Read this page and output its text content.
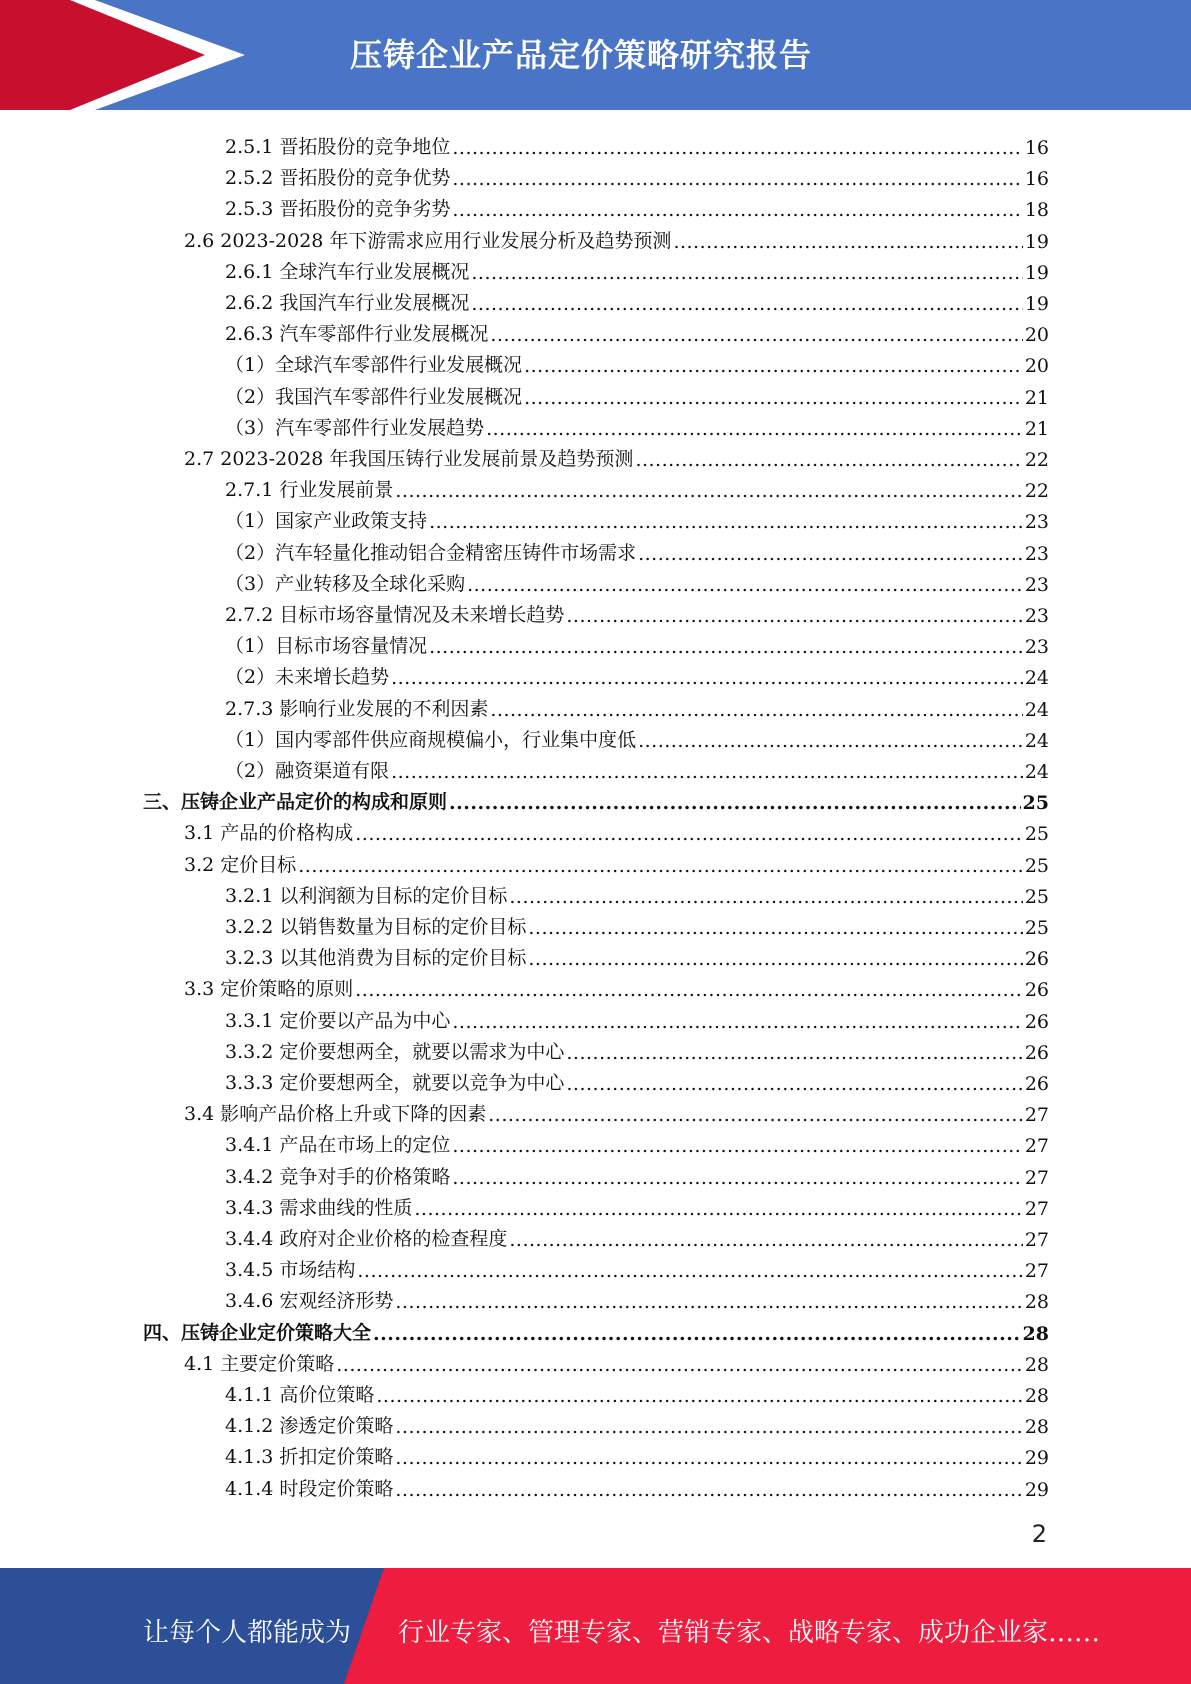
压铸企业产品定价策略研究报告
2.5.1 晋拓股份的竞争地位 .....	16
2.5.2 晋拓股份的竞争优势 .....	16
2.5.3 晋拓股份的竞争劣势 .....	18
2.6 2023-2028 年下游需求应用行业发展分析及趋势预测 .....	19
2.6.1 全球汽车行业发展概况 .....	19
2.6.2 我国汽车行业发展概况 .....	19
2.6.3 汽车零部件行业发展概况 .....	20
（1）全球汽车零部件行业发展概况 .....	20
（2）我国汽车零部件行业发展概况 .....	21
（3）汽车零部件行业发展趋势 .....	21
2.7 2023-2028 年我国压铸行业发展前景及趋势预测 .....	22
2.7.1 行业发展前景 .....	22
（1）国家产业政策支持 .....	23
（2）汽车轻量化推动铝合金精密压铸件市场需求 .....	23
（3）产业转移及全球化采购 .....	23
2.7.2 目标市场容量情况及未来增长趋势 .....	23
（1）目标市场容量情况 .....	23
（2）未来增长趋势 .....	24
2.7.3 影响行业发展的不利因素 .....	24
（1）国内零部件供应商规模偏小，行业集中度低 .....	24
（2）融资渠道有限 .....	24
三、压铸企业产品定价的构成和原则 .....	25
3.1 产品的价格构成 .....	25
3.2 定价目标 .....	25
3.2.1 以利润额为目标的定价目标 .....	25
3.2.2 以销售数量为目标的定价目标 .....	25
3.2.3 以其他消费为目标的定价目标 .....	26
3.3 定价策略的原则 .....	26
3.3.1 定价要以产品为中心 .....	26
3.3.2 定价要想两全，就要以需求为中心 .....	26
3.3.3 定价要想两全，就要以竞争为中心 .....	26
3.4 影响产品价格上升或下降的因素 .....	27
3.4.1 产品在市场上的定位 .....	27
3.4.2 竞争对手的价格策略 .....	27
3.4.3 需求曲线的性质 .....	27
3.4.4 政府对企业价格的检查程度 .....	27
3.4.5 市场结构 .....	27
3.4.6 宏观经济形势 .....	28
四、压铸企业定价策略大全 .....	28
4.1 主要定价策略 .....	28
4.1.1 高价位策略 .....	28
4.1.2 渗透定价策略 .....	28
4.1.3 折扣定价策略 .....	29
4.1.4 时段定价策略 .....	29
2
让每个人都能成为 行业专家、管理专家、营销专家、战略专家、成功企业家……
